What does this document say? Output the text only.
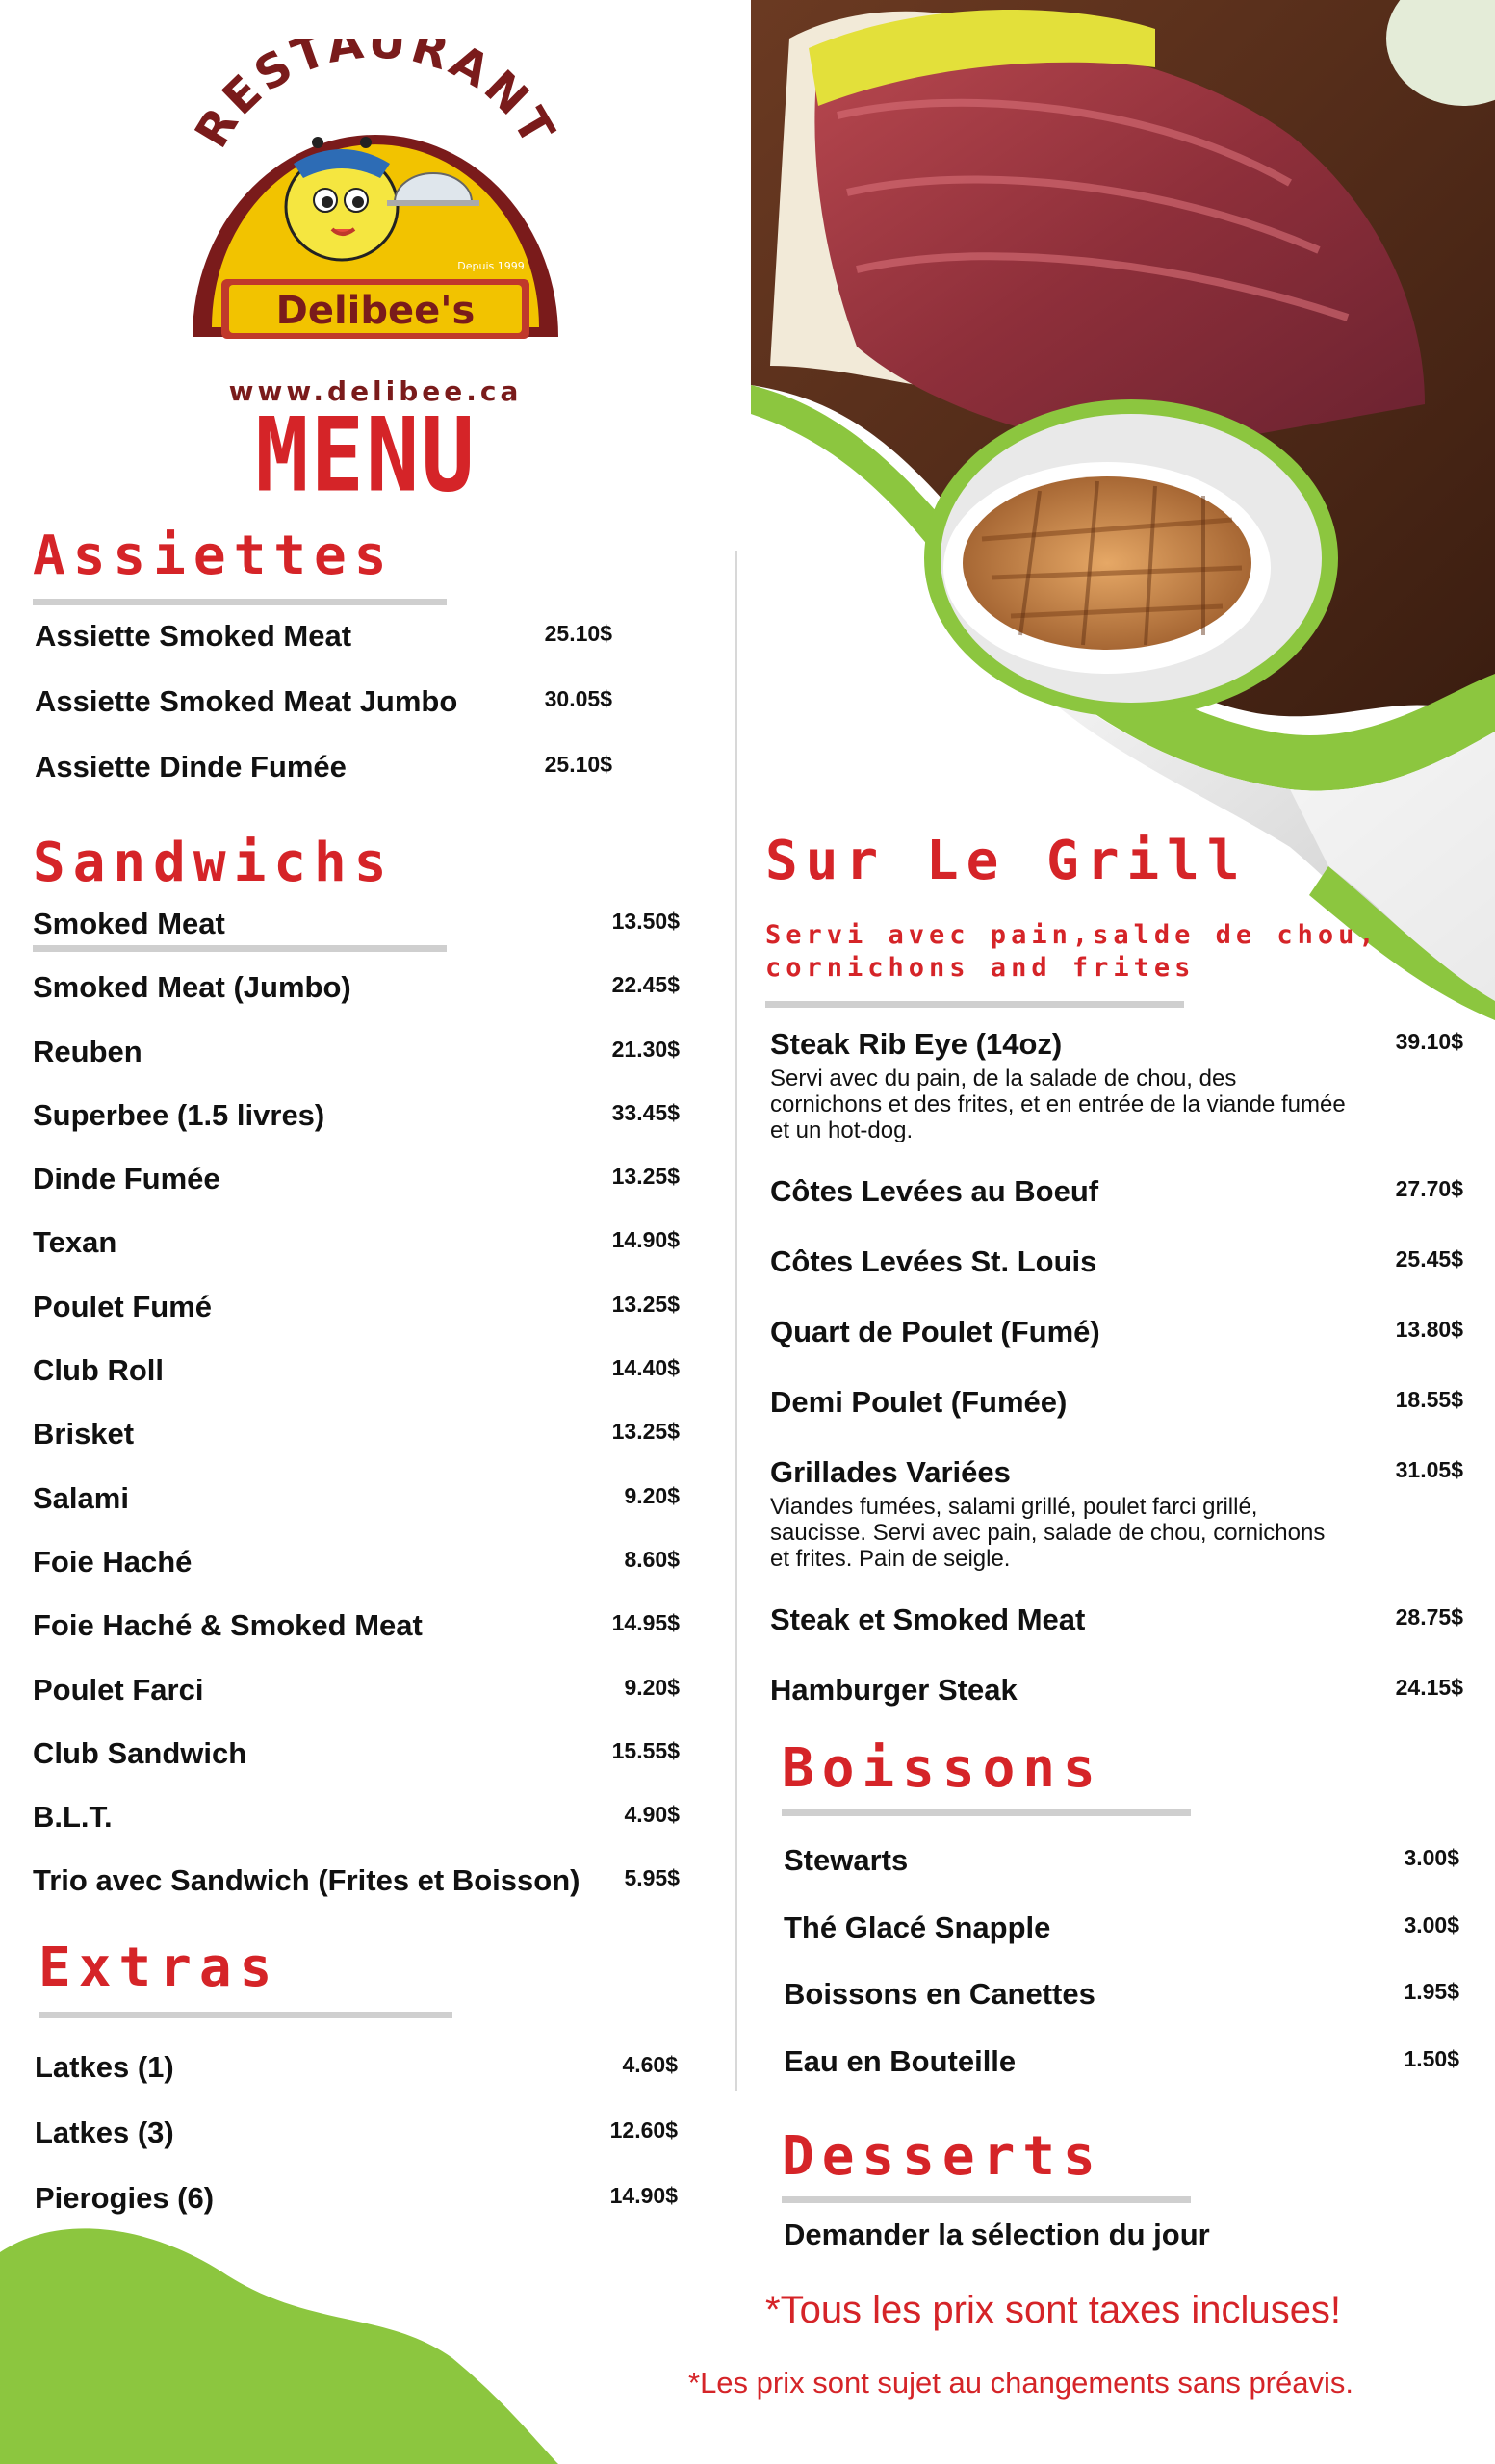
RESTAURANT
Delibee's
Depuis 1999
www.delibee.ca
MENU
Assiettes
Assiette Smoked Meat	25.10$
Assiette Smoked Meat Jumbo	30.05$
Assiette Dinde Fumée	25.10$
Sandwichs
Smoked Meat	13.50$
Smoked Meat (Jumbo)	22.45$
Reuben	21.30$
Superbee (1.5 livres)	33.45$
Dinde Fumée	13.25$
Texan	14.90$
Poulet Fumé	13.25$
Club Roll	14.40$
Brisket	13.25$
Salami	9.20$
Foie Haché	8.60$
Foie Haché & Smoked Meat	14.95$
Poulet Farci	9.20$
Club Sandwich	15.55$
B.L.T.	4.90$
Trio avec Sandwich (Frites et Boisson)	5.95$
Extras
Latkes (1)	4.60$
Latkes (3)	12.60$
Pierogies (6)	14.90$
Sur Le Grill
Servi avec pain,salde de chou,
cornichons and frites
Steak Rib Eye (14oz)	39.10$
Servi avec du pain, de la salade de chou, des cornichons et des frites, et en entrée de la viande fumée et un hot-dog.
Côtes Levées au Boeuf	27.70$
Côtes Levées St. Louis	25.45$
Quart de Poulet (Fumé)	13.80$
Demi Poulet (Fumée)	18.55$
Grillades Variées	31.05$
Viandes fumées, salami grillé, poulet farci grillé, saucisse. Servi avec pain, salade de chou, cornichons et frites. Pain de seigle.
Steak et Smoked Meat	28.75$
Hamburger Steak	24.15$
Boissons
Stewarts	3.00$
Thé Glacé Snapple	3.00$
Boissons en Canettes	1.95$
Eau en Bouteille	1.50$
Desserts
Demander la sélection du jour
*Tous les prix sont taxes incluses!
*Les prix sont sujet au changements sans préavis.
